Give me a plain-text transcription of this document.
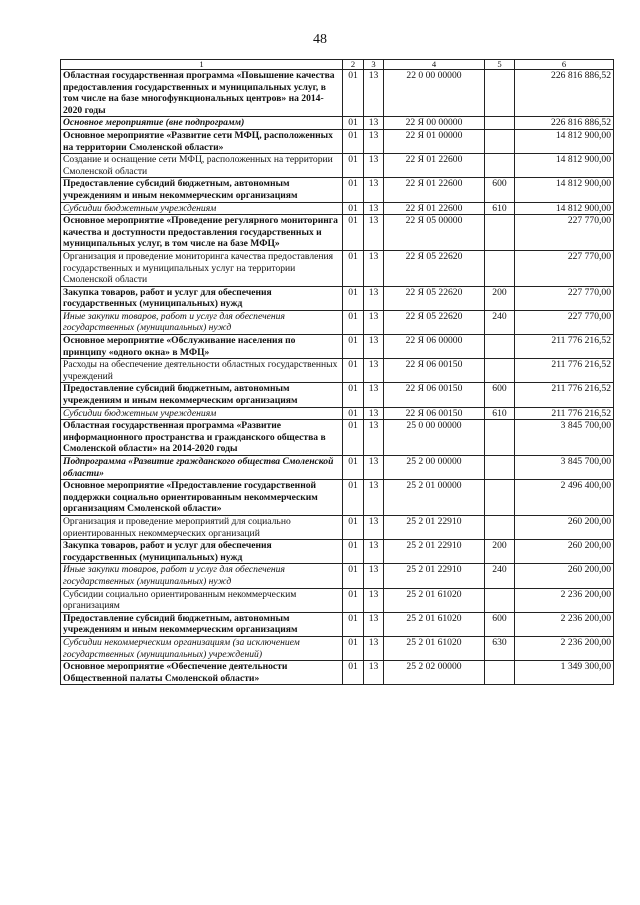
48
1	2	3	4	5	6
Областная государственная программа «Повышение качества предоставления государственных и муниципальных услуг, в том числе на базе многофункциональных центров» на 2014-2020 годы	01	13	22 0 00 00000		226 816 886,52
Основное мероприятие (вне подпрограмм)	01	13	22 Я 00 00000		226 816 886,52
Основное мероприятие «Развитие сети МФЦ, расположенных на территории Смоленской области»	01	13	22 Я 01 00000		14 812 900,00
Создание и оснащение сети МФЦ, расположенных на территории Смоленской области	01	13	22 Я 01 22600		14 812 900,00
Предоставление субсидий бюджетным, автономным учреждениям и иным некоммерческим организациям	01	13	22 Я 01 22600	600	14 812 900,00
Субсидии бюджетным учреждениям	01	13	22 Я 01 22600	610	14 812 900,00
Основное мероприятие «Проведение регулярного мониторинга качества и доступности предоставления государственных и муниципальных услуг, в том числе на базе МФЦ»	01	13	22 Я 05 00000		227 770,00
Организация и проведение мониторинга качества предоставления государственных и муниципальных услуг на территории Смоленской области	01	13	22 Я 05 22620		227 770,00
Закупка товаров, работ и услуг для обеспечения государственных (муниципальных) нужд	01	13	22 Я 05 22620	200	227 770,00
Иные закупки товаров, работ и услуг для обеспечения государственных (муниципальных) нужд	01	13	22 Я 05 22620	240	227 770,00
Основное мероприятие «Обслуживание населения по принципу «одного окна» в МФЦ»	01	13	22 Я 06 00000		211 776 216,52
Расходы на обеспечение деятельности областных государственных учреждений	01	13	22 Я 06 00150		211 776 216,52
Предоставление субсидий бюджетным, автономным учреждениям и иным некоммерческим организациям	01	13	22 Я 06 00150	600	211 776 216,52
Субсидии бюджетным учреждениям	01	13	22 Я 06 00150	610	211 776 216,52
Областная государственная программа «Развитие информационного пространства и гражданского общества в Смоленской области» на 2014-2020 годы	01	13	25 0 00 00000		3 845 700,00
Подпрограмма «Развитие гражданского общества Смоленской области»	01	13	25 2 00 00000		3 845 700,00
Основное мероприятие «Предоставление государственной поддержки социально ориентированным некоммерческим организациям Смоленской области»	01	13	25 2 01 00000		2 496 400,00
Организация и проведение мероприятий для социально ориентированных некоммерческих организаций	01	13	25 2 01 22910		260 200,00
Закупка товаров, работ и услуг для обеспечения государственных (муниципальных) нужд	01	13	25 2 01 22910	200	260 200,00
Иные закупки товаров, работ и услуг для обеспечения государственных (муниципальных) нужд	01	13	25 2 01 22910	240	260 200,00
Субсидии социально ориентированным некоммерческим организациям	01	13	25 2 01 61020		2 236 200,00
Предоставление субсидий бюджетным, автономным учреждениям и иным некоммерческим организациям	01	13	25 2 01 61020	600	2 236 200,00
Субсидии некоммерческим организациям (за исключением государственных (муниципальных) учреждений)	01	13	25 2 01 61020	630	2 236 200,00
Основное мероприятие «Обеспечение деятельности Общественной палаты Смоленской области»	01	13	25 2 02 00000		1 349 300,00
